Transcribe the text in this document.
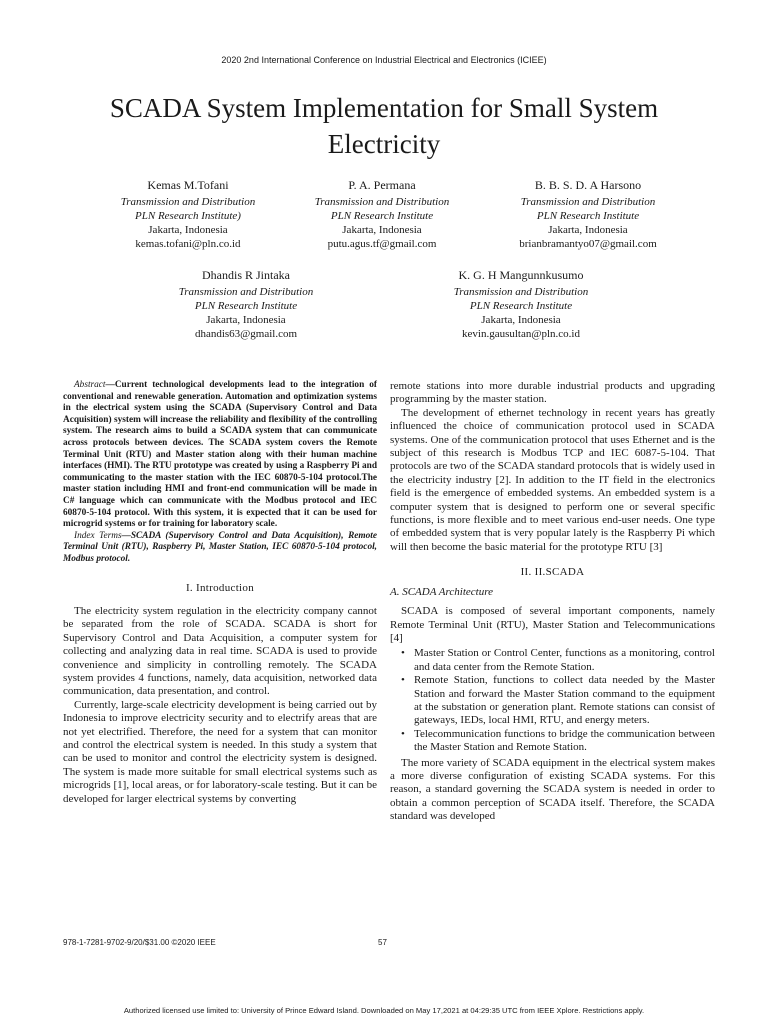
2020 2nd International Conference on Industrial Electrical and Electronics (ICIEE)
SCADA System Implementation for Small System
Electricity
Kemas M.Tofani
Transmission and Distribution
PLN Research Institute)
Jakarta, Indonesia
kemas.tofani@pln.co.id
P. A. Permana
Transmission and Distribution
PLN Research Institute
Jakarta, Indonesia
putu.agus.tf@gmail.com
B. B. S. D. A Harsono
Transmission and Distribution
PLN Research Institute
Jakarta, Indonesia
brianbramantyo07@gmail.com
Dhandis R Jintaka
Transmission and Distribution
PLN Research Institute
Jakarta, Indonesia
dhandis63@gmail.com
K. G. H Mangunnkusumo
Transmission and Distribution
PLN Research Institute
Jakarta, Indonesia
kevin.gausultan@pln.co.id

Abstract—Current technological developments lead to the integration of conventional and renewable generation. Automation and optimization systems in the electrical system using the SCADA (Supervisory Control and Data Acquisition) system will increase the reliability and flexibility of the controlling system. The research aims to build a SCADA system that can communicate across protocols between devices. The SCADA system covers the Remote Terminal Unit (RTU) and Master station along with their human machine interfaces (HMI). The RTU prototype was created by using a Raspberry Pi and communicating to the master station with the IEC 60870-5-104 protocol.The master station including HMI and front-end communication will be made in C# language which can communicate with the Modbus protocol and IEC 60870-5-104 protocol. With this system, it is expected that it can be used for microgrid systems or for training for laboratory scale.

Index Terms—SCADA (Supervisory Control and Data Acquisition), Remote Terminal Unit (RTU), Raspberry Pi, Master Station, IEC 60870-5-104 protocol, Modbus protocol.

I. Introduction

The electricity system regulation in the electricity company cannot be separated from the role of SCADA. SCADA is short for Supervisory Control and Data Acquisition, a computer system for collecting and analyzing data in real time. SCADA is used to provide convenience and simplicity in controlling remotely. The SCADA system provides 4 functions, namely, data acquisition, networked data communication, data presentation, and control.

Currently, large-scale electricity development is being carried out by Indonesia to improve electricity security and to electrify areas that are not yet electrified. Therefore, the need for a system that can monitor and control the electrical system is needed. In this study a system that can be used to monitor and control the electricity system is designed. The system is made more suitable for small electrical systems such as microgrids [1], local areas, or for laboratory-scale testing. But it can be developed for larger electrical systems by converting

remote stations into more durable industrial products and upgrading programming by the master station.

The development of ethernet technology in recent years has greatly influenced the choice of communication protocol used in SCADA systems. One of the communication protocol that uses Ethernet and is the subject of this research is Modbus TCP and IEC 6087-5-104. That protocols are two of the SCADA standard protocols that is widely used in the electricity industry [2]. In addition to the IT field in the electronics field is the emergence of embedded systems. An embedded system is a computer system that is designed to perform one or several specific functions, is more flexible and to meet various end-user needs. One type of embedded system that is very popular lately is the Raspberry Pi which will then become the basic material for the prototype RTU [3]

II. II.SCADA
A. SCADA Architecture

SCADA is composed of several important components, namely Remote Terminal Unit (RTU), Master Station and Telecommunications [4]

• Master Station or Control Center, functions as a monitoring, control and data center from the Remote Station.
• Remote Station, functions to collect data needed by the Master Station and forward the Master Station command to the equipment at the substation or generation plant. Remote stations can consist of gateways, IEDs, local HMI, RTU, and energy meters.
• Telecommunication functions to bridge the communication between the Master Station and Remote Station.

The more variety of SCADA equipment in the electrical system makes a more diverse configuration of existing SCADA systems. For this reason, a standard governing the SCADA system is needed in order to obtain a common perception of SCADA itself. Therefore, the SCADA standard was developed

978-1-7281-9702-9/20/$31.00 ©2020 IEEE	57
Authorized licensed use limited to: University of Prince Edward Island. Downloaded on May 17,2021 at 04:29:35 UTC from IEEE Xplore. Restrictions apply.
